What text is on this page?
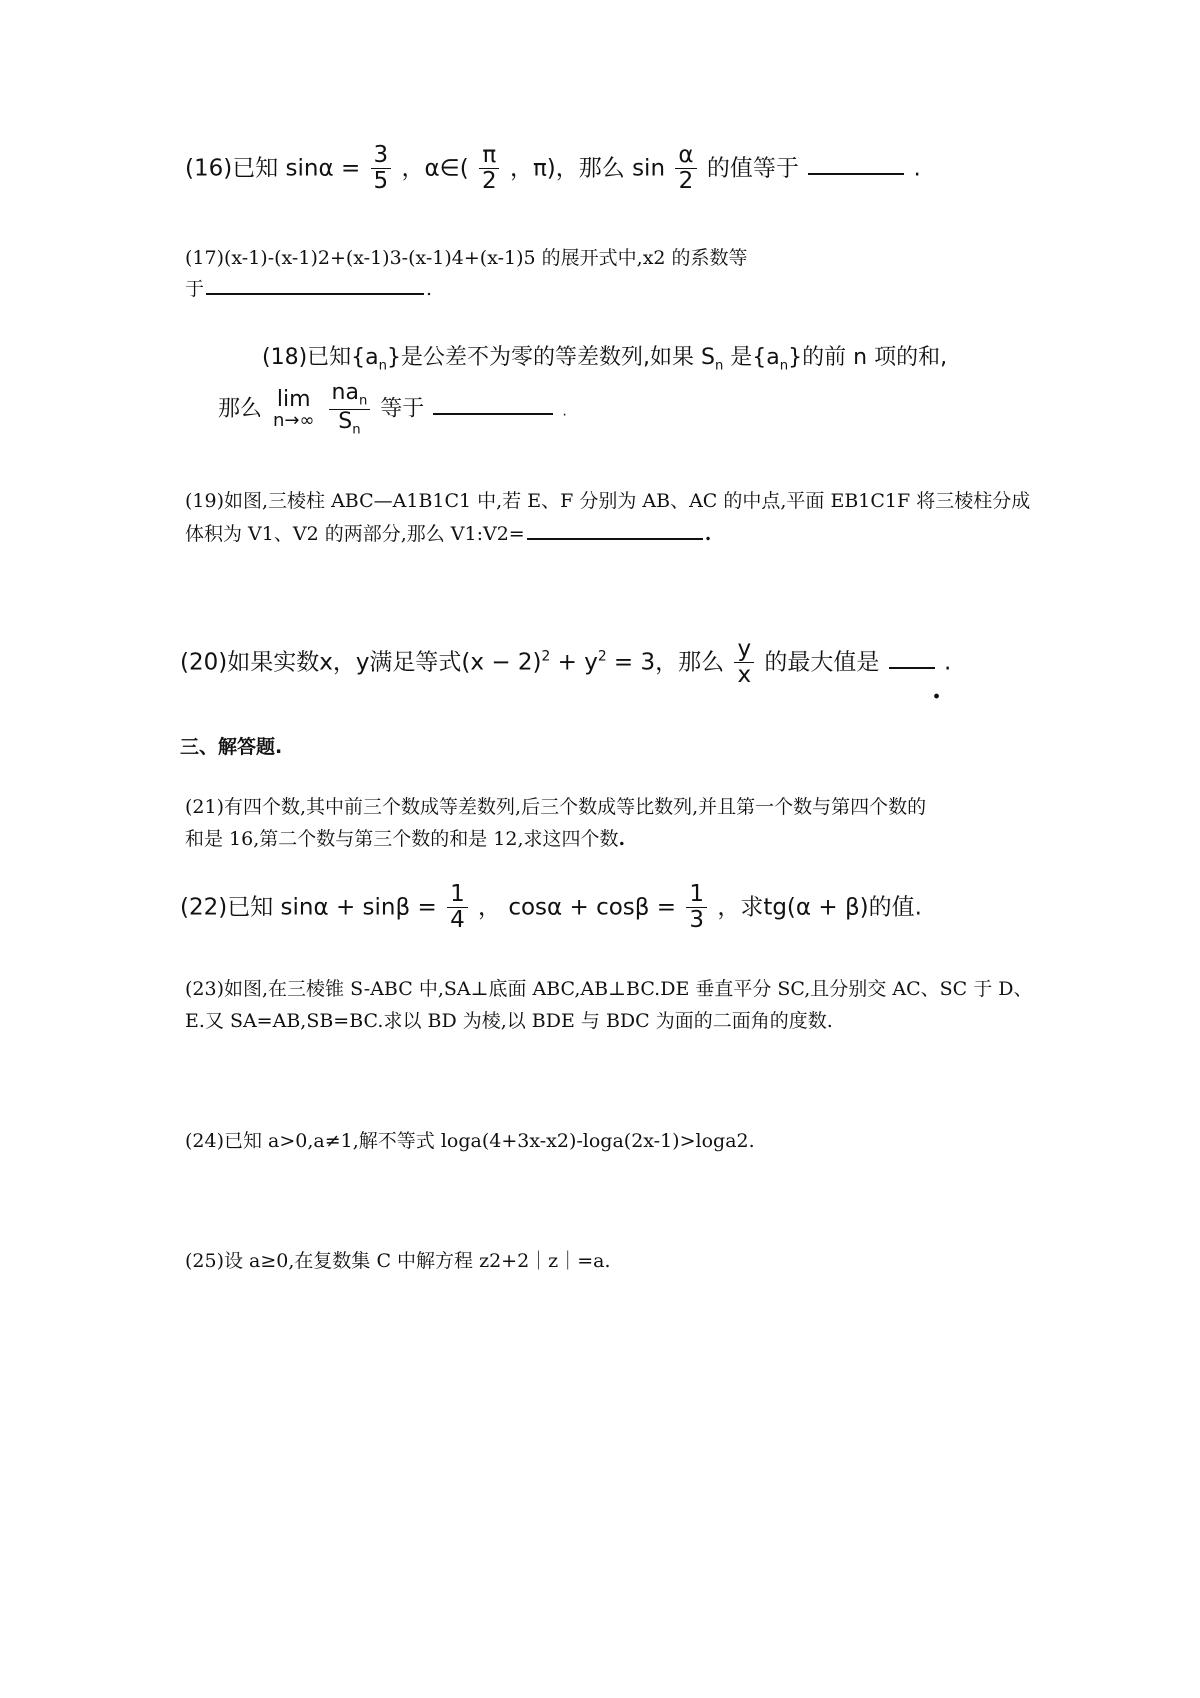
(16)已知 $\sin\alpha = \frac{3}{5}$ ，α∈( $\frac{\pi}{2}$ ，π)，那么 $\sin \frac{\alpha}{2}$ 的值等于	.
(17)(x-1)-(x-1)2+(x-1)3-(x-1)4+(x-1)5 的展开式中,x2 的系数等
于	.
(18)已知$\{a_n\}$是公差不为零的等差数列,如果 $S_n$ 是$\{a_n\}$的前 n 项的和,
那么 lim
n→∞
$\frac{na_n}{S_n}$ 等于	.
(19)如图,三棱柱 ABC—A1B1C1 中,若 E、F 分别为 AB、AC 的中点,平面 EB1C1F 将三棱柱分成
体积为 V1、V2 的两部分,那么 V1:V2=	.
(20)如果实数x，y满足等式$(x - 2)^2 + y^2 = 3$，那么 $\frac{y}{x}$ 的最大值是	.
.
三、解答题.
(21)有四个数,其中前三个数成等差数列,后三个数成等比数列,并且第一个数与第四个数的
和是 16,第二个数与第三个数的和是 12,求这四个数.
(22)已知 $\sin\alpha + \sin\beta = \frac{1}{4}$ ， $\cos\alpha + \cos\beta = \frac{1}{3}$ ，求tg(α + β)的值.
(23)如图,在三棱锥 S-ABC 中,SA⊥底面 ABC,AB⊥BC.DE 垂直平分 SC,且分别交 AC、SC 于 D、
E.又 SA=AB,SB=BC.求以 BD 为棱,以 BDE 与 BDC 为面的二面角的度数.
(24)已知 a>0,a≠1,解不等式 loga(4+3x-x2)-loga(2x-1)>loga2.
(25)设 a≥0,在复数集 C 中解方程 z2+2｜z｜=a.
